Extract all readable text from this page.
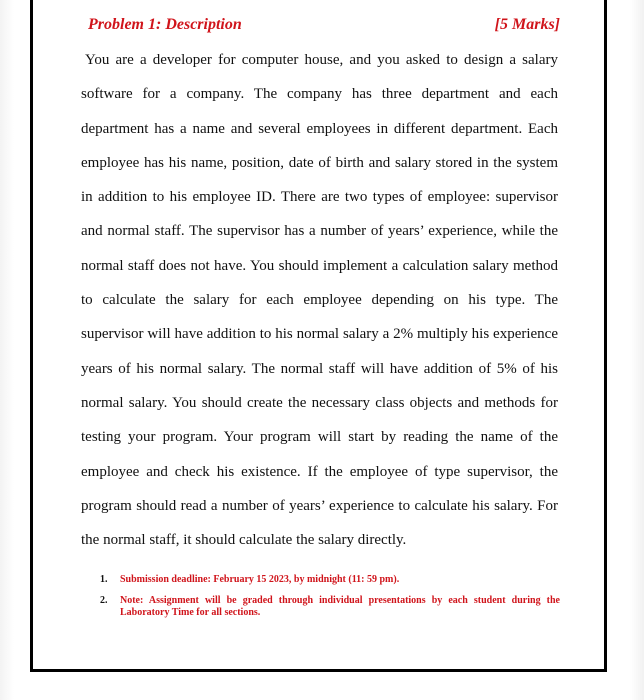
Problem 1: Description	[5 Marks]

You are a developer for computer house, and you asked to design a salary software for a company. The company has three department and each department has a name and several employees in different department. Each employee has his name, position, date of birth and salary stored in the system in addition to his employee ID. There are two types of employee: supervisor and normal staff. The supervisor has a number of years’ experience, while the normal staff does not have. You should implement a calculation salary method to calculate the salary for each employee depending on his type. The supervisor will have addition to his normal salary a 2% multiply his experience years of his normal salary. The normal staff will have addition of 5% of his normal salary. You should create the necessary class objects and methods for testing your program. Your program will start by reading the name of the employee and check his existence. If the employee of type supervisor, the program should read a number of years’ experience to calculate his salary. For the normal staff, it should calculate the salary directly.

1. Submission deadline: February 15 2023, by midnight (11: 59 pm).
2. Note: Assignment will be graded through individual presentations by each student during the Laboratory Time for all sections.
